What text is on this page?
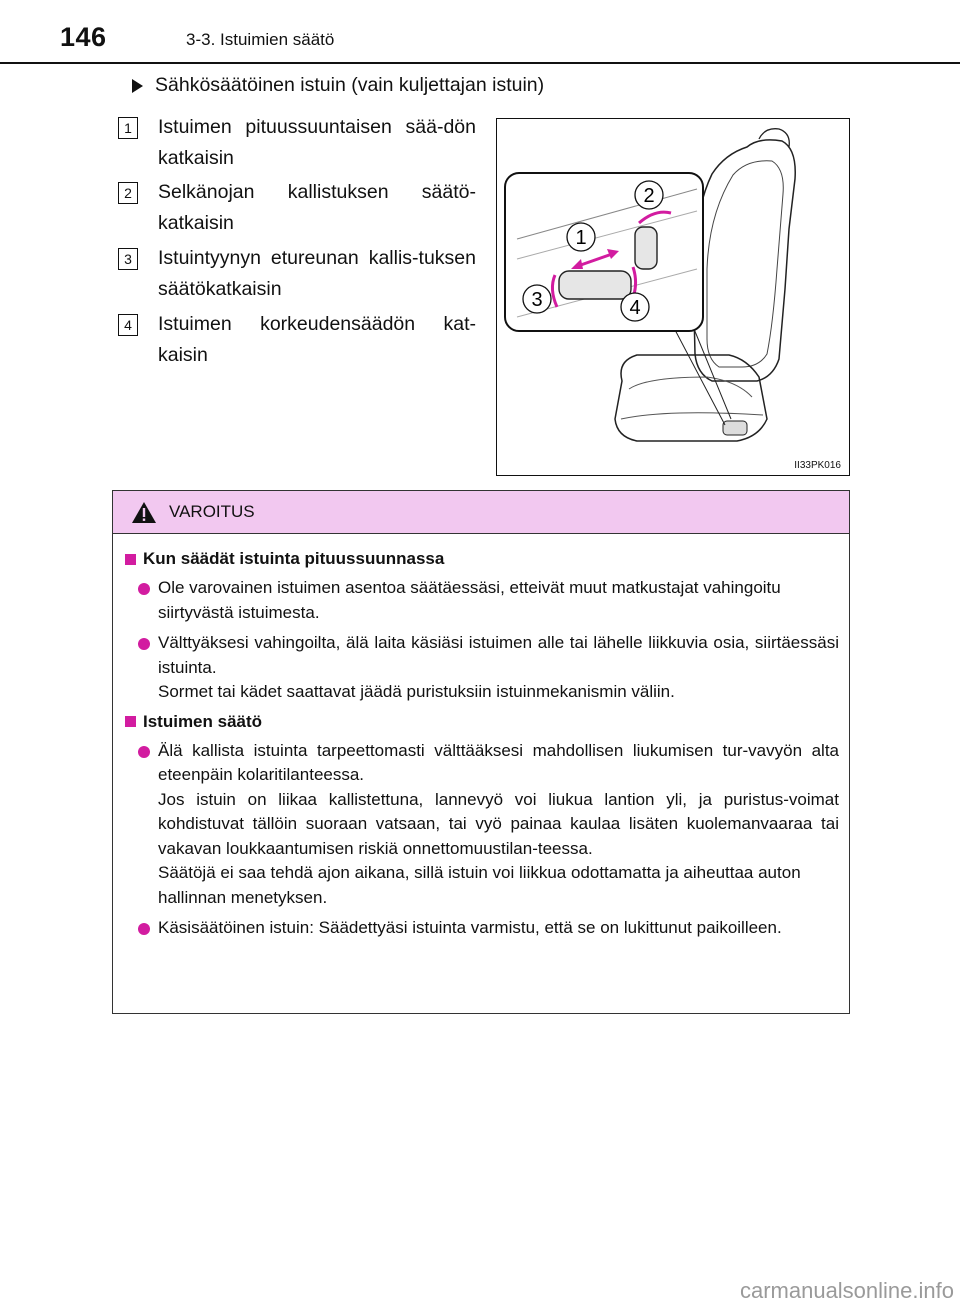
146	3-3. Istuimien säätö
Sähkösäätöinen istuin (vain kuljettajan istuin)
1	Istuimen pituussuuntaisen sää-dön katkaisin
2	Selkänojan kallistuksen säätö-katkaisin
3	Istuintyynyn etureunan kallis-tuksen säätökatkaisin
4	Istuimen korkeudensäädön kat-kaisin
1
2
3	4
II33PK016
VAROITUS
Kun säädät istuinta pituussuunnassa
Ole varovainen istuimen asentoa säätäessäsi, etteivät muut matkustajat vahingoitu siirtyvästä istuimesta.
Välttyäksesi vahingoilta, älä laita käsiäsi istuimen alle tai lähelle liikkuvia osia, siirtäessäsi istuinta.
Sormet tai kädet saattavat jäädä puristuksiin istuinmekanismin väliin.
Istuimen säätö
Älä kallista istuinta tarpeettomasti välttääksesi mahdollisen liukumisen tur-vavyön alta eteenpäin kolaritilanteessa.
Jos istuin on liikaa kallistettuna, lannevyö voi liukua lantion yli, ja puristus-voimat kohdistuvat tällöin suoraan vatsaan, tai vyö painaa kaulaa lisäten kuolemanvaaraa tai vakavan loukkaantumisen riskiä onnettomuustilan-teessa.
Säätöjä ei saa tehdä ajon aikana, sillä istuin voi liikkua odottamatta ja aiheuttaa auton hallinnan menetyksen.
Käsisäätöinen istuin: Säädettyäsi istuinta varmistu, että se on lukittunut paikoilleen.
carmanualsonline.info
